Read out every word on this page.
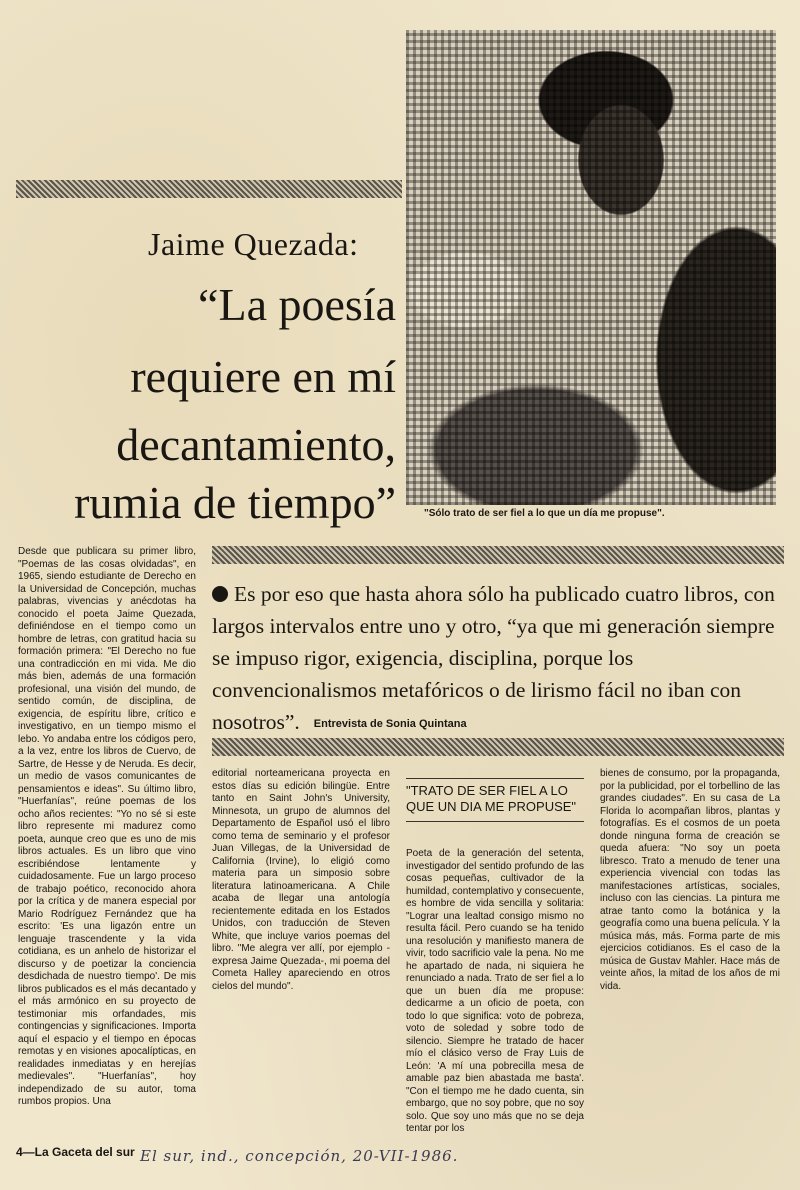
"Sólo trato de ser fiel a lo que un día me propuse".
Jaime Quezada:
“La poesía
requiere en mí
decantamiento,
rumia de tiempo”
Es por eso que hasta ahora sólo ha publicado cuatro libros, con largos intervalos entre uno y otro, “ya que mi generación siempre se impuso rigor, exigencia, disciplina, porque los convencionalismos metafóricos o de lirismo fácil no iban con nosotros”. Entrevista de Sonia Quintana
Desde que publicara su primer libro, "Poemas de las cosas olvidadas", en 1965, siendo estudiante de Derecho en la Universidad de Concepción, muchas palabras, vivencias y anécdotas ha conocido el poeta Jaime Quezada, definiéndose en el tiempo como un hombre de letras, con gratitud hacia su formación primera: "El Derecho no fue una contradicción en mi vida. Me dio más bien, además de una formación profesional, una visión del mundo, de sentido común, de disciplina, de exigencia, de espíritu libre, crítico e investigativo, en un tiempo mismo el lebo. Yo andaba entre los códigos pero, a la vez, entre los libros de Cuervo, de Sartre, de Hesse y de Neruda. Es decir, un medio de vasos comunicantes de pensamientos e ideas". Su último libro, "Huerfanías", reúne poemas de los ocho años recientes: "Yo no sé si este libro represente mi madurez como poeta, aunque creo que es uno de mis libros actuales. Es un libro que vino escribiéndose lentamente y cuidadosamente. Fue un largo proceso de trabajo poético, reconocido ahora por la crítica y de manera especial por Mario Rodríguez Fernández que ha escrito: 'Es una ligazón entre un lenguaje trascendente y la vida cotidiana, es un anhelo de historizar el discurso y de poetizar la conciencia desdichada de nuestro tiempo'. De mis libros publicados es el más decantado y el más armónico en su proyecto de testimoniar mis orfandades, mis contingencias y significaciones. Importa aquí el espacio y el tiempo en épocas remotas y en visiones apocalípticas, en realidades inmediatas y en herejías medievales". "Huerfanías", hoy independizado de su autor, toma rumbos propios. Una
editorial norteamericana proyecta en estos días su edición bilingüe. Entre tanto en Saint John's University, Minnesota, un grupo de alumnos del Departamento de Español usó el libro como tema de seminario y el profesor Juan Villegas, de la Universidad de California (Irvine), lo eligió como materia para un simposio sobre literatura latinoamericana. A Chile acaba de llegar una antología recientemente editada en los Estados Unidos, con traducción de Steven White, que incluye varios poemas del libro. "Me alegra ver allí, por ejemplo -expresa Jaime Quezada-, mi poema del Cometa Halley apareciendo en otros cielos del mundo".
"TRATO DE SER FIEL A LO QUE UN DIA ME PROPUSE"
Poeta de la generación del setenta, investigador del sentido profundo de las cosas pequeñas, cultivador de la humildad, contemplativo y consecuente, es hombre de vida sencilla y solitaria: "Lograr una lealtad consigo mismo no resulta fácil. Pero cuando se ha tenido una resolución y manifiesto manera de vivir, todo sacrificio vale la pena. No me he apartado de nada, ni siquiera he renunciado a nada. Trato de ser fiel a lo que un buen día me propuse: dedicarme a un oficio de poeta, con todo lo que significa: voto de pobreza, voto de soledad y sobre todo de silencio. Siempre he tratado de hacer mío el clásico verso de Fray Luis de León: 'A mí una pobrecilla mesa de amable paz bien abastada me basta'. "Con el tiempo me he dado cuenta, sin embargo, que no soy pobre, que no soy solo. Que soy uno más que no se deja tentar por los
bienes de consumo, por la propaganda, por la publicidad, por el torbellino de las grandes ciudades". En su casa de La Florida lo acompañan libros, plantas y fotografías. Es el cosmos de un poeta donde ninguna forma de creación se queda afuera: "No soy un poeta libresco. Trato a menudo de tener una experiencia vivencial con todas las manifestaciones artísticas, sociales, incluso con las ciencias. La pintura me atrae tanto como la botánica y la geografía como una buena película. Y la música más, más. Forma parte de mis ejercicios cotidianos. Es el caso de la música de Gustav Mahler. Hace más de veinte años, la mitad de los años de mi vida.
4—La Gaceta del sur El sur, ind., concepción, 20-VII-1986.
